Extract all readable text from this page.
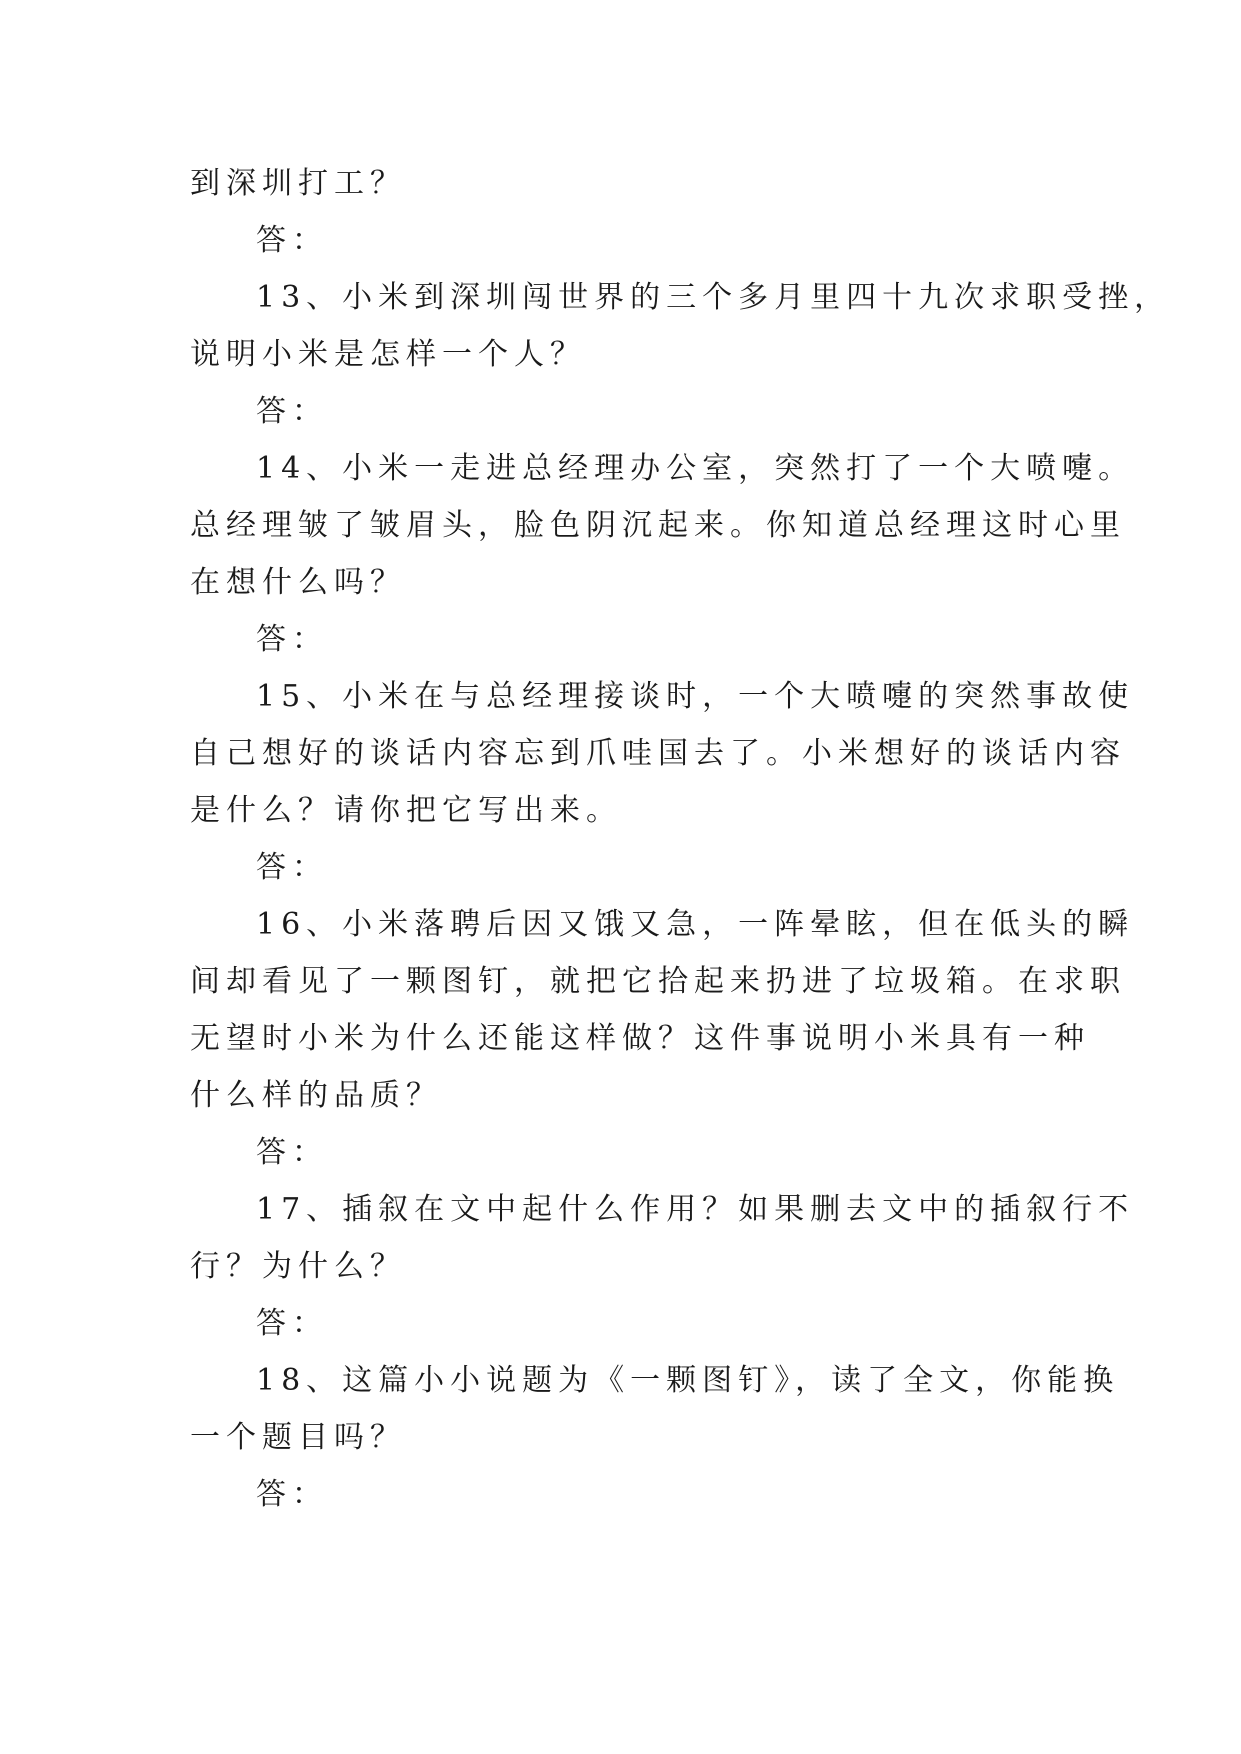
到深圳打工？
答：
13、小米到深圳闯世界的三个多月里四十九次求职受挫，
说明小米是怎样一个人？
答：
14、小米一走进总经理办公室，突然打了一个大喷嚏。
总经理皱了皱眉头，脸色阴沉起来。你知道总经理这时心里
在想什么吗？
答：
15、小米在与总经理接谈时，一个大喷嚏的突然事故使
自己想好的谈话内容忘到爪哇国去了。小米想好的谈话内容
是什么？请你把它写出来。
答：
16、小米落聘后因又饿又急，一阵晕眩，但在低头的瞬
间却看见了一颗图钉，就把它拾起来扔进了垃圾箱。在求职
无望时小米为什么还能这样做？这件事说明小米具有一种
什么样的品质？
答：
17、插叙在文中起什么作用？如果删去文中的插叙行不
行？为什么？
答：
18、这篇小小说题为《一颗图钉》，读了全文，你能换
一个题目吗？
答：
